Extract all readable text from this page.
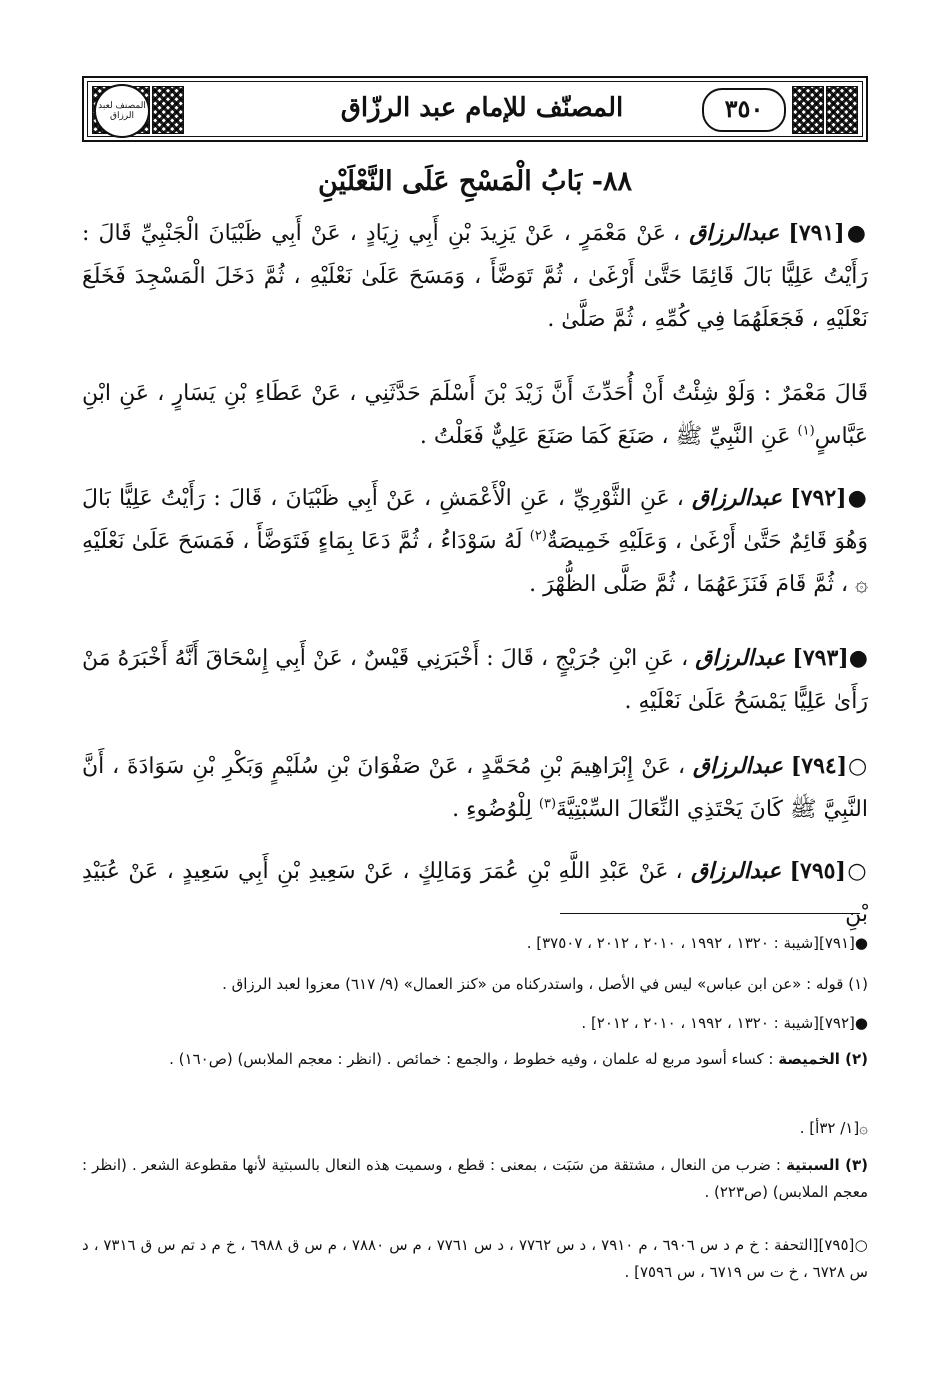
المصنف لعبد الرزاق	المصنّف للإمام عبد الرزّاق	٣٥٠
٨٨- بَابُ الْمَسْحِ عَلَى النَّعْلَيْنِ
●[٧٩١] عبدالرزاق ، عَنْ مَعْمَرٍ ، عَنْ يَزِيدَ بْنِ أَبِي زِيَادٍ ، عَنْ أَبِي ظَبْيَانَ الْجَنْبِيِّ قَالَ : رَأَيْتُ عَلِيًّا بَالَ قَائِمًا حَتَّىٰ أَرْغَىٰ ، ثُمَّ تَوَضَّأَ ، وَمَسَحَ عَلَىٰ نَعْلَيْهِ ، ثُمَّ دَخَلَ الْمَسْجِدَ فَخَلَعَ نَعْلَيْهِ ، فَجَعَلَهُمَا فِي كُمِّهِ ، ثُمَّ صَلَّىٰ .
قَالَ مَعْمَرٌ : وَلَوْ شِئْتُ أَنْ أُحَدِّثَ أَنَّ زَيْدَ بْنَ أَسْلَمَ حَدَّثَنِي ، عَنْ عَطَاءِ بْنِ يَسَارٍ ، عَنِ ابْنِ عَبَّاسٍ$^{(١)}$ عَنِ النَّبِيِّ ﷺ ، صَنَعَ كَمَا صَنَعَ عَلِيٌّ فَعَلْتُ .
●[٧٩٢] عبدالرزاق ، عَنِ الثَّوْرِيِّ ، عَنِ الْأَعْمَشِ ، عَنْ أَبِي ظَبْيَانَ ، قَالَ : رَأَيْتُ عَلِيًّا بَالَ وَهُوَ قَائِمٌ حَتَّىٰ أَرْغَىٰ ، وَعَلَيْهِ خَمِيصَةٌ$^{(٢)}$ لَهُ سَوْدَاءُ ، ثُمَّ دَعَا بِمَاءٍ فَتَوَضَّأَ ، فَمَسَحَ عَلَىٰ نَعْلَيْهِ ۞ ، ثُمَّ قَامَ فَنَزَعَهُمَا ، ثُمَّ صَلَّى الظُّهْرَ .
●[٧٩٣] عبدالرزاق ، عَنِ ابْنِ جُرَيْجٍ ، قَالَ : أَخْبَرَنِي قَيْسٌ ، عَنْ أَبِي إِسْحَاقَ أَنَّهُ أَخْبَرَهُ مَنْ رَأَىٰ عَلِيًّا يَمْسَحُ عَلَىٰ نَعْلَيْهِ .
○[٧٩٤] عبدالرزاق ، عَنْ إِبْرَاهِيمَ بْنِ مُحَمَّدٍ ، عَنْ صَفْوَانَ بْنِ سُلَيْمٍ وَبَكْرِ بْنِ سَوَادَةَ ، أَنَّ النَّبِيَّ ﷺ كَانَ يَحْتَذِي النِّعَالَ السِّبْتِيَّةَ$^{(٣)}$ لِلْوُضُوءِ .
○[٧٩٥] عبدالرزاق ، عَنْ عَبْدِ اللَّهِ بْنِ عُمَرَ وَمَالِكٍ ، عَنْ سَعِيدِ بْنِ أَبِي سَعِيدٍ ، عَنْ عُبَيْدِ بْنِ
●[٧٩١][شيبة : ١٣٢٠ ، ١٩٩٢ ، ٢٠١٠ ، ٢٠١٢ ، ٣٧٥٠٧] .
(١) قوله : «عن ابن عباس» ليس في الأصل ، واستدركناه من «كنز العمال» (٩/ ٦١٧) معزوا لعبد الرزاق .
●[٧٩٢][شيبة : ١٣٢٠ ، ١٩٩٢ ، ٢٠١٠ ، ٢٠١٢] .
(٢) الخميصة : كساء أسود مربع له علمان ، وفيه خطوط ، والجمع : خمائص . (انظر : معجم الملابس) (ص١٦٠) .
۞[١/ ٣٢أ] .
(٣) السبتية : ضرب من النعال ، مشتقة من سَبَت ، بمعنى : قطع ، وسميت هذه النعال بالسبتية لأنها مقطوعة الشعر . (انظر : معجم الملابس) (ص٢٢٣) .
○[٧٩٥][التحفة : خ م د س ٦٩٠٦ ، م ٧٩١٠ ، د س ٧٧٦٢ ، د س ٧٧٦١ ، م س ٧٨٨٠ ، م س ق ٦٩٨٨ ، خ م د تم س ق ٧٣١٦ ، د س ٦٧٢٨ ، خ ت س ٦٧١٩ ، س ٧٥٩٦] .
